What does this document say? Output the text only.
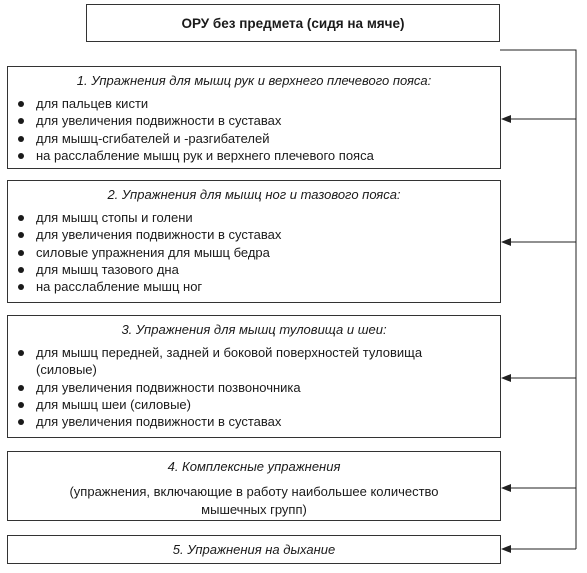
ОРУ без предмета (сидя на мяче)
1. Упражнения для мышц рук и верхнего плечевого пояса:
для пальцев кисти
для увеличения подвижности в суставах
для мышц-сгибателей и -разгибателей
на расслабление мышц рук и верхнего плечевого пояса
2. Упражнения для мышц ног и тазового пояса:
для мышц стопы и голени
для увеличения подвижности в суставах
силовые упражнения для мышц бедра
для мышц тазового дна
на расслабление мышц ног
3. Упражнения для мышц туловища и шеи:
для мышц передней, задней и боковой поверхностей туловища (силовые)
для увеличения подвижности позвоночника
для мышц шеи (силовые)
для увеличения подвижности в суставах
4. Комплексные упражнения
(упражнения, включающие в работу наибольшее количество мышечных групп)
5. Упражнения на дыхание
